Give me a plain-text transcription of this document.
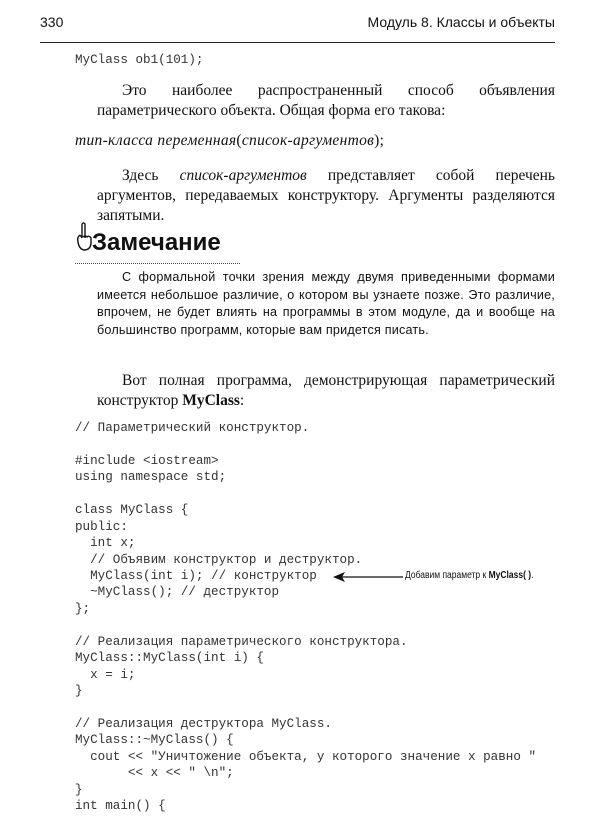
330	Модуль 8. Классы и объекты
MyClass ob1(101);
Это наиболее распространенный способ объявления параметрического объекта. Общая форма его такова:
тип-класса переменная(список-аргументов);
Здесь список-аргументов представляет собой перечень аргументов, передаваемых конструктору. Аргументы разделяются запятыми.
Замечание
С формальной точки зрения между двумя приведенными формами имеется небольшое различие, о котором вы узнаете позже. Это различие, впрочем, не будет влиять на программы в этом модуле, да и вообще на большинство программ, которые вам придется писать.
Вот полная программа, демонстрирующая параметрический конструктор MyClass:
// Параметрический конструктор.
#include <iostream>
using namespace std;
class MyClass {
public:
int x;
// Объявим конструктор и деструктор.
MyClass(int i); // конструктор
~MyClass(); // деструктор
};
// Реализация параметрического конструктора.
MyClass::MyClass(int i) {
x = i;
}
// Реализация деструктора MyClass.
MyClass::~MyClass() {
cout << "Уничтожение объекта, у которого значение x равно "
<< x << " \n";
}
int main() {
Добавим параметр к MyClass( ).
